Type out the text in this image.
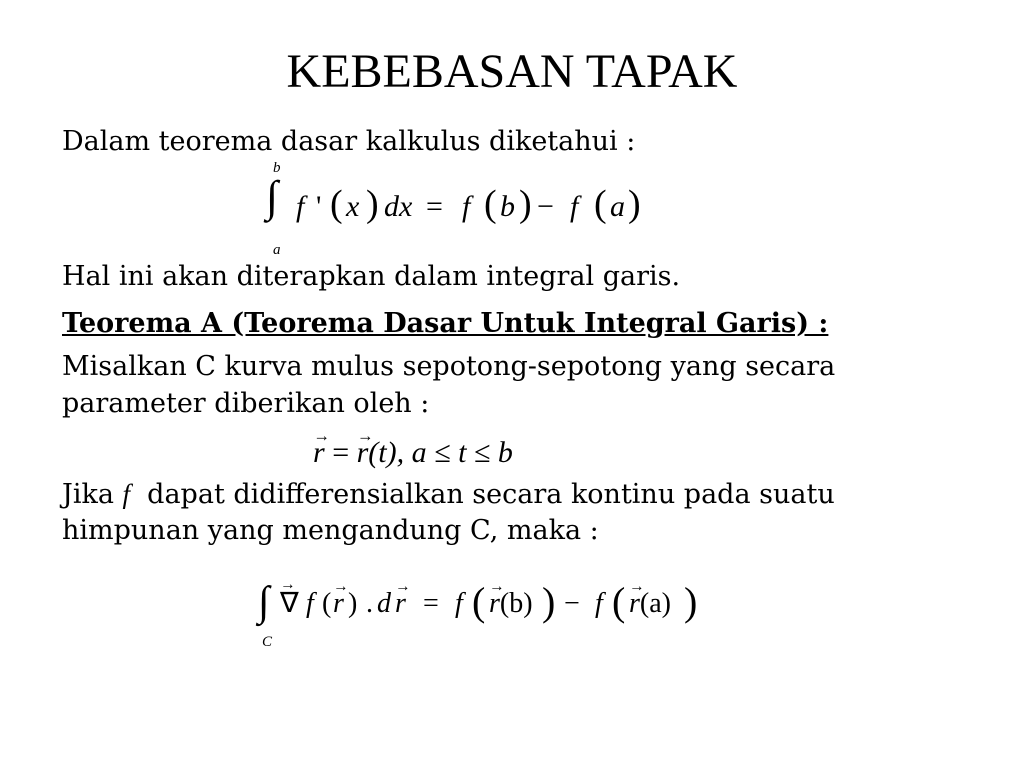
KEBEBASAN TAPAK
Dalam teorema dasar kalkulus diketahui :
b
∫
a
f ' ( x ) dx = f ( b ) − f ( a )
Hal ini akan diterapkan dalam integral garis.
Teorema A (Teorema Dasar Untuk Integral Garis) :
Misalkan C kurva mulus sepotong-sepotong yang secara
parameter diberikan oleh :
→ r = → r(t), a ≤ t ≤ b
Jika f  dapat didifferensialkan secara kontinu pada suatu
himpunan yang mengandung C, maka :
∫
C
→ ∇ f ( → r ) . d → r = f ( → r(b) ) − f ( → r(a) )
